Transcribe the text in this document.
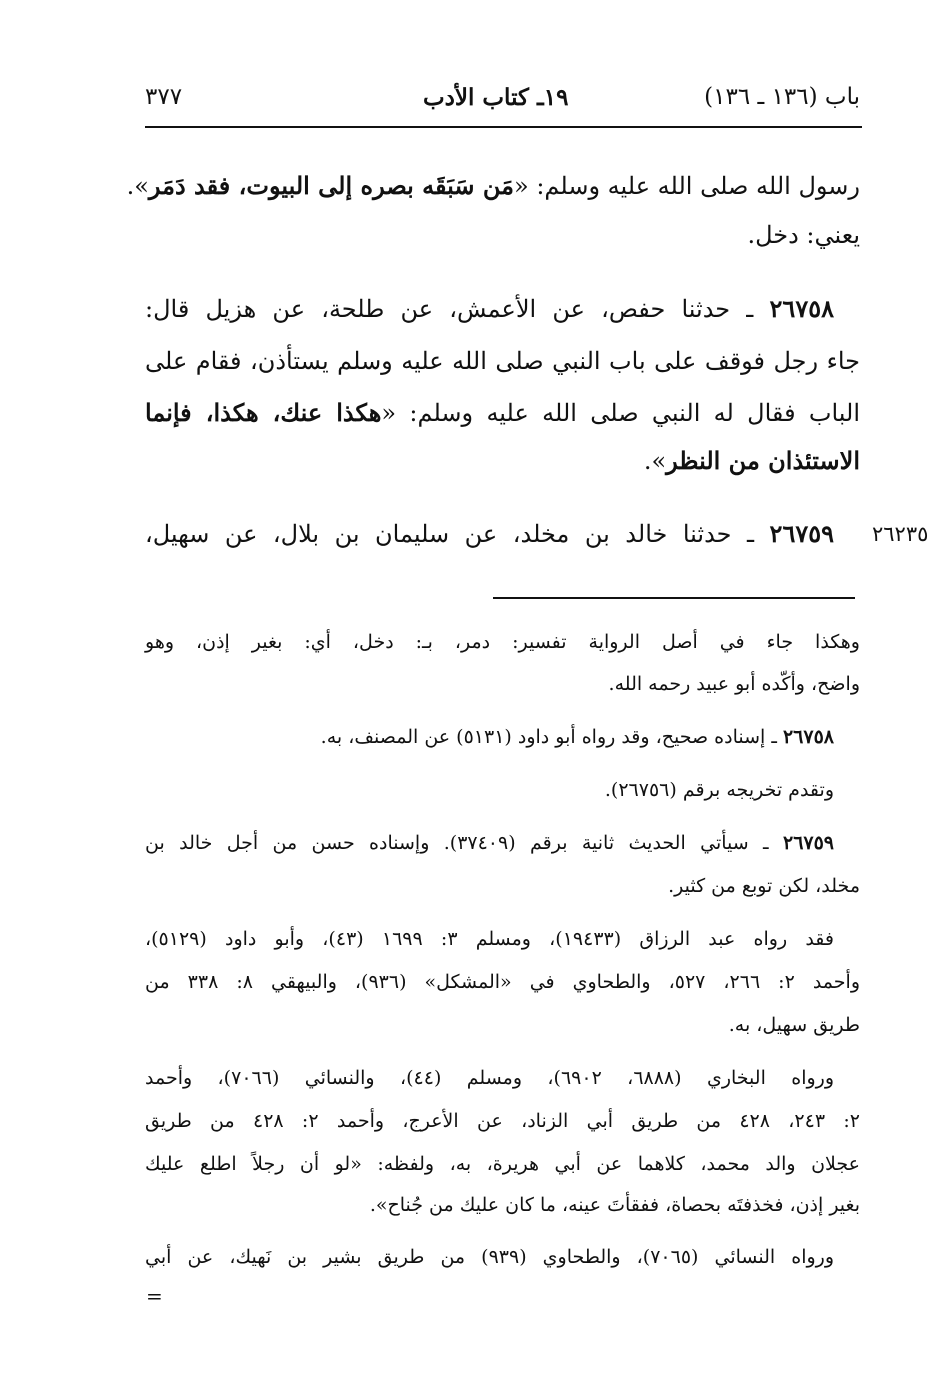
باب (١٣٦ ـ ١٣٦)
١٩ـ كتاب الأدب
٣٧٧
رسول الله صلى الله عليه وسلم: «مَن سَبَقَه بصره إلى البيوت، فقد دَمَر».
يعني: دخل.
٢٦٧٥٨ ـ حدثنا حفص، عن الأعمش، عن طلحة، عن هزيل قال:
جاء رجل فوقف على باب النبي صلى الله عليه وسلم يستأذن، فقام على
الباب فقال له النبي صلى الله عليه وسلم: «هكذا عنك، هكذا، فإنما
الاستئذان من النظر».
٢٦٧٥٩ ـ حدثنا خالد بن مخلد، عن سليمان بن بلال، عن سهيل،	٢٦٢٣٥
وهكذا جاء في أصل الرواية تفسير: دمر، بـ: دخل، أي: بغير إذن، وهو
واضح، وأكّده أبو عبيد رحمه الله.
٢٦٧٥٨ ـ إسناده صحيح، وقد رواه أبو داود (٥١٣١) عن المصنف، به.
وتقدم تخريجه برقم (٢٦٧٥٦).
٢٦٧٥٩ ـ سيأتي الحديث ثانية برقم (٣٧٤٠٩). وإسناده حسن من أجل خالد بن
مخلد، لكن توبع من كثير.
فقد رواه عبد الرزاق (١٩٤٣٣)، ومسلم ٣: ١٦٩٩ (٤٣)، وأبو داود (٥١٢٩)،
وأحمد ٢: ٢٦٦، ٥٢٧، والطحاوي في «المشكل» (٩٣٦)، والبيهقي ٨: ٣٣٨ من
طريق سهيل، به.
ورواه البخاري (٦٨٨٨، ٦٩٠٢)، ومسلم (٤٤)، والنسائي (٧٠٦٦)، وأحمد
٢: ٢٤٣، ٤٢٨ من طريق أبي الزناد، عن الأعرج، وأحمد ٢: ٤٢٨ من طريق
عجلان والد محمد، كلاهما عن أبي هريرة، به، ولفظه: «لو أن رجلاً اطلع عليك
بغير إذن، فخذفتَه بحصاة، ففقأتَ عينه، ما كان عليك من جُناح».
ورواه النسائي (٧٠٦٥)، والطحاوي (٩٣٩) من طريق بشير بن نَهيك، عن أبي
=
